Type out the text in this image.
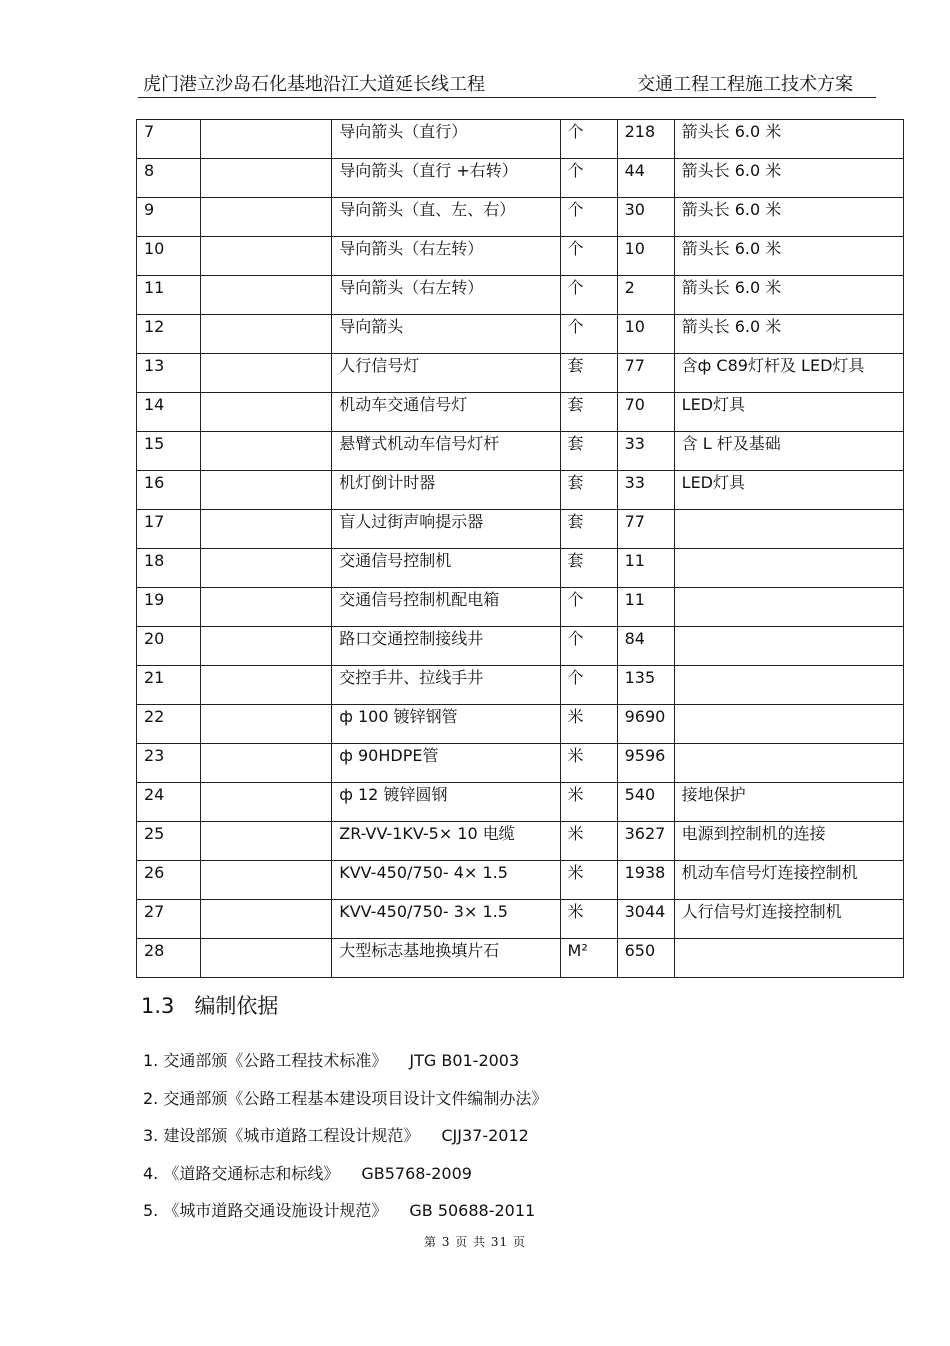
虎门港立沙岛石化基地沿江大道延长线工程	交通工程工程施工技术方案
7		导向箭头（直行）	个	218	箭头长 6.0 米
8		导向箭头（直行 +右转）	个	44	箭头长 6.0 米
9		导向箭头（直、左、右）	个	30	箭头长 6.0 米
10		导向箭头（右左转）	个	10	箭头长 6.0 米
11		导向箭头（右左转）	个	2	箭头长 6.0 米
12		导向箭头	个	10	箭头长 6.0 米
13		人行信号灯	套	77	含ф C89灯杆及 LED灯具
14		机动车交通信号灯	套	70	LED灯具
15		悬臂式机动车信号灯杆	套	33	含 L 杆及基础
16		机灯倒计时器	套	33	LED灯具
17		盲人过街声响提示器	套	77	
18		交通信号控制机	套	11	
19		交通信号控制机配电箱	个	11	
20		路口交通控制接线井	个	84	
21		交控手井、拉线手井	个	135	
22		ф 100 镀锌钢管	米	9690	
23		ф 90HDPE管	米	9596	
24		ф 12 镀锌圆钢	米	540	接地保护
25		ZR-VV-1KV-5× 10 电缆	米	3627	电源到控制机的连接
26		KVV-450/750- 4× 1.5	米	1938	机动车信号灯连接控制机
27		KVV-450/750- 3× 1.5	米	3044	人行信号灯连接控制机
28		大型标志基地换填片石	M²	650	
1.3 编制依据
1. 交通部颁《公路工程技术标准》 JTG B01-2003
2. 交通部颁《公路工程基本建设项目设计文件编制办法》
3. 建设部颁《城市道路工程设计规范》 CJJ37-2012
4. 《道路交通标志和标线》 GB5768-2009
5. 《城市道路交通设施设计规范》 GB 50688-2011
第 3 页 共 31 页
